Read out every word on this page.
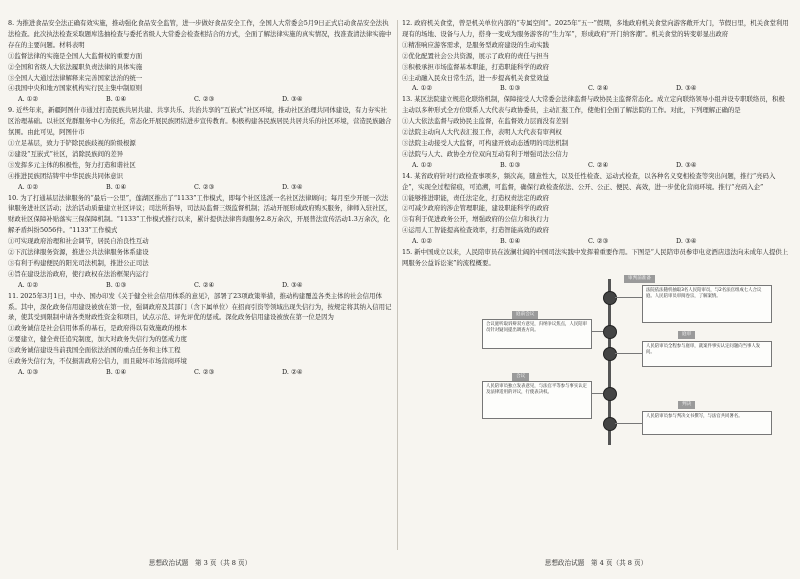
8. 为推进食品安全法正确有效实施，推动强化食品安全监管，进一步做好食品安全工作，全国人大常委会5月9日正式启动食品安全法执法检查。此次执法检查采取题库选抽检查与委托省级人大常委会检查相结合的方式，全面了解法律实施的真实情况，找准查清法律实施中存在的主要问题。材料表明

①监督法律的实施是全国人大监督权的重要方面

②全国和省级人大依法履职负责法律的具体实施

③全国人大通过法律解释来完善国家法治的统一

④我国中央和地方国家机构实行民主集中制原则

A. ①②	B. ①④	C. ②③	D. ③④

9. 近些年来，新疆阿图什市通过打造民族共居共建、共享共乐、共治共享的“互嵌式”社区环境，推动社区治理共同体建设，有力夯实社区治理基础。以社区党群服务中心为依托，常态化开展民族团结进步宣传教育。积极构建各民族居民共居共乐的社区环境，营造民族融合氛围。由此可见，阿图什市

①立足基层，致力于铲除民族歧视的阶级根源

②建设“互嵌式”社区，消除民族间的差异

③发挥多元主体的积极性，努力打造和谐社区

④推进民族团结铸牢中华民族共同体意识

A. ①②	B. ①④	C. ②③	D. ③④

10. 为了打通基层法律服务的“最后一公里”，莲湖区推出了“1133”工作模式，即每个社区选派一名社区法律顾问；每月至少开展一次法律服务进社区活动；法治活动质量建立社区评议；司法所指导，司法局监督三级监督机制；活动开展形成政府购买服务，律师入驻社区，财政社区保障补贴落实三保保障机制。“1133”工作模式推行以来，累计提供法律咨询服务2.8万余次，开展普法宣传活动1.3万余次，化解矛盾纠纷5056件。“1133”工作模式

①可实现政府治理和社会调节，居民自治良性互动

②下沉法律服务资源，推进公共法律服务体系建设

③有利于构建便民的阳光司法机制，推进公正司法

④旨在建设法治政府，使行政权在法治框架内运行

A. ①②	B. ①③	C. ②④	D. ③④

11. 2025年3月1日，中办、国办印发《关于健全社会信用体系的意见》，部署了23项政策举措，推动构建覆盖各类主体的社会信用体系。其中，深化政务信用建设被放在第一位，强调政府及其部门（含下属单位）在招商引资等领域出现失信行为，按规定将其纳入信用记录，使其受到限制申请各类财政性资金和项目，试点示范、评先评优的惩戒。深化政务信用建设被放在第一位是因为

①政务诚信是社会信用体系的基石，是政府得以有效施政的根本

②要建立，健全责任追究制度，加大对政务失信行为的惩戒力度

③政务诚信建设当前我国全面依法治国的重点任务和主体工程

④政务失信行为，不仅损害政府公信力，而且破坏市场营商环境

A. ①③	B. ①④	C. ②③	D. ②④
思想政治试题　第 3 页（共 8 页）

12. 政府机关食堂，曾是机关单位内部的“专属空间”。2025年“五一”假期，多地政府机关食堂向游客敞开大门，节假日里，机关食堂利用现有的场地、设备与人力，搭身一变成为服务游客的“生力军”，形成政府“开门纳客潮”。机关食堂的转变彰显出政府

①精准响应游客需求，是服务型政府建设的生动实践

②优化配置社会公共资源，展示了政府的责任与担当

③积极承担市场监督基本职能，打造职能科学的政府

④主动融入民众日常生活，进一步提高机关食堂效益

A. ①②	B. ①③	C. ②④	D. ③④

13. 某区法院建立规范化联络机制，保障接受人大常委会法律监督与政协民主监督常态化。成立定向联络领导小组并设专职联络员，积极主动以多种形式全方位联系人大代表与政协委员，主动汇报工作，使他们全面了解法院的工作。对此，下列理解正确的是

①人大依法监督与政协民主监督，在监督效力层面没有差别

②法院主动向人大代表汇报工作，表明人大代表有审判权

③法院主动接受人大监督，可构建开放动态透明的司法机制

④法院与人大、政协全方位双向互动有利于增强司法公信力

A. ①②	B. ①③	C. ②④	D. ③④

14. 某省政府针对行政检查事项多，频次高，随意性大，以及任性检查、运动式检查，以各种名义变相检查等突出问题，推行“亮码入企”，实现全过程留痕，可追溯，可监督，确保行政检查依法、公开、公正、便民、高效，进一步优化营商环境。推行“亮码入企”

①能够推进职能，责任法定化，打造权责法定的政府

②可减少政府的涉企管理职能，建设职能科学的政府

③有利于促进政务公开，增强政府的公信力和执行力

④运用人工智能提高检查效率，打造智能高效的政府

A. ①②	B. ①④	C. ②③	D. ③④

15. 新中国成立以来，人民陪审员在波澜壮阔的中国司法实践中发挥着重要作用。下图是“人民陪审员参审电竞酒店违法向未成年人提供上网服务公益诉讼案”的流程概要。

审判前准备
法院依法随机抽取3名人民陪审员，与2名法官组成七人合议庭。人民陪审员审阅卷宗，了解案情。
庭前会议
合议庭听取诉辩双方意见，归纳争议焦点，人民陪审员针对疑问提出调查方向。
庭审
人民陪审员全程参与庭审，就案件事实认定问题向当事人发问。
合议
人民陪审员独立发表意见，与法官平等参与事实认定及法律适用的评议，行使表决权。
判决
人民陪审员参与判决文书撰写，与法官共同署名。
思想政治试题　第 4 页（共 8 页）
